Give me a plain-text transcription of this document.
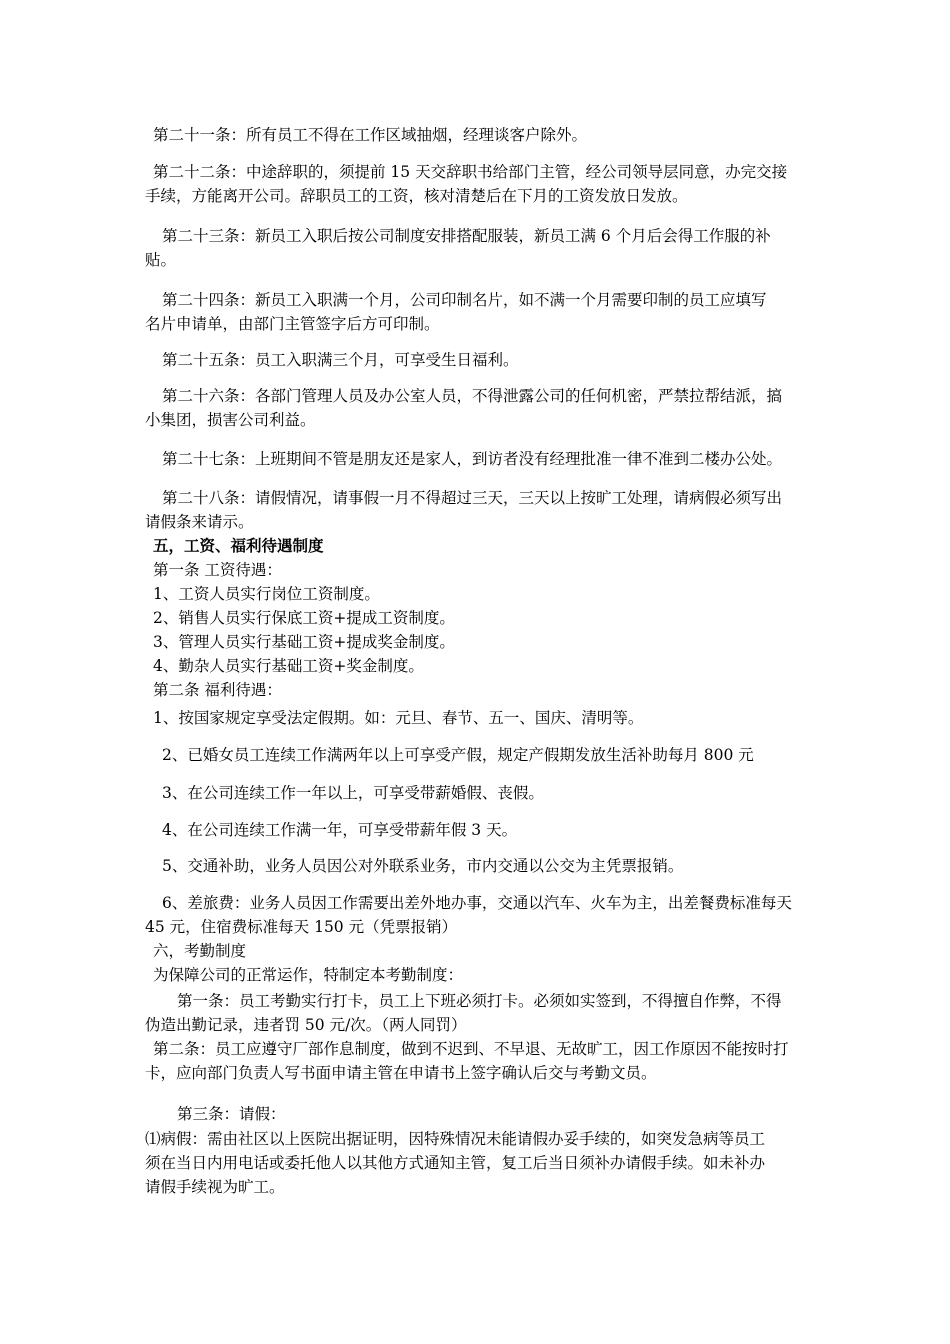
第二十一条：所有员工不得在工作区域抽烟，经理谈客户除外。
第二十二条：中途辞职的，须提前 15 天交辞职书给部门主管，经公司领导层同意，办完交接
手续，方能离开公司。辞职员工的工资，核对清楚后在下月的工资发放日发放。
第二十三条：新员工入职后按公司制度安排搭配服装，新员工满 6 个月后会得工作服的补
贴。
第二十四条：新员工入职满一个月，公司印制名片，如不满一个月需要印制的员工应填写
名片申请单，由部门主管签字后方可印制。
第二十五条：员工入职满三个月，可享受生日福利。
第二十六条：各部门管理人员及办公室人员，不得泄露公司的任何机密，严禁拉帮结派，搞
小集团，损害公司利益。
第二十七条：上班期间不管是朋友还是家人，到访者没有经理批准一律不准到二楼办公处。
第二十八条：请假情况，请事假一月不得超过三天，三天以上按旷工处理，请病假必须写出
请假条来请示。
五，工资、福利待遇制度
第一条 工资待遇：
1、工资人员实行岗位工资制度。
2、销售人员实行保底工资+提成工资制度。
3、管理人员实行基础工资+提成奖金制度。
4、勤杂人员实行基础工资+奖金制度。
第二条 福利待遇：
1、按国家规定享受法定假期。如：元旦、春节、五一、国庆、清明等。
2、已婚女员工连续工作满两年以上可享受产假，规定产假期发放生活补助每月 800 元
3、在公司连续工作一年以上，可享受带薪婚假、丧假。
4、在公司连续工作满一年，可享受带薪年假 3 天。
5、交通补助，业务人员因公对外联系业务，市内交通以公交为主凭票报销。
6、差旅费：业务人员因工作需要出差外地办事，交通以汽车、火车为主，出差餐费标准每天
45 元，住宿费标准每天 150 元（凭票报销）
六，考勤制度
为保障公司的正常运作，特制定本考勤制度：
第一条：员工考勤实行打卡，员工上下班必须打卡。必须如实签到，不得擅自作弊，不得
伪造出勤记录，违者罚 50 元/次。（两人同罚）
第二条：员工应遵守厂部作息制度，做到不迟到、不早退、无故旷工，因工作原因不能按时打
卡，应向部门负责人写书面申请主管在申请书上签字确认后交与考勤文员。
第三条：请假：
⑴病假：需由社区以上医院出据证明，因特殊情况未能请假办妥手续的，如突发急病等员工
须在当日内用电话或委托他人以其他方式通知主管，复工后当日须补办请假手续。如未补办
请假手续视为旷工。
